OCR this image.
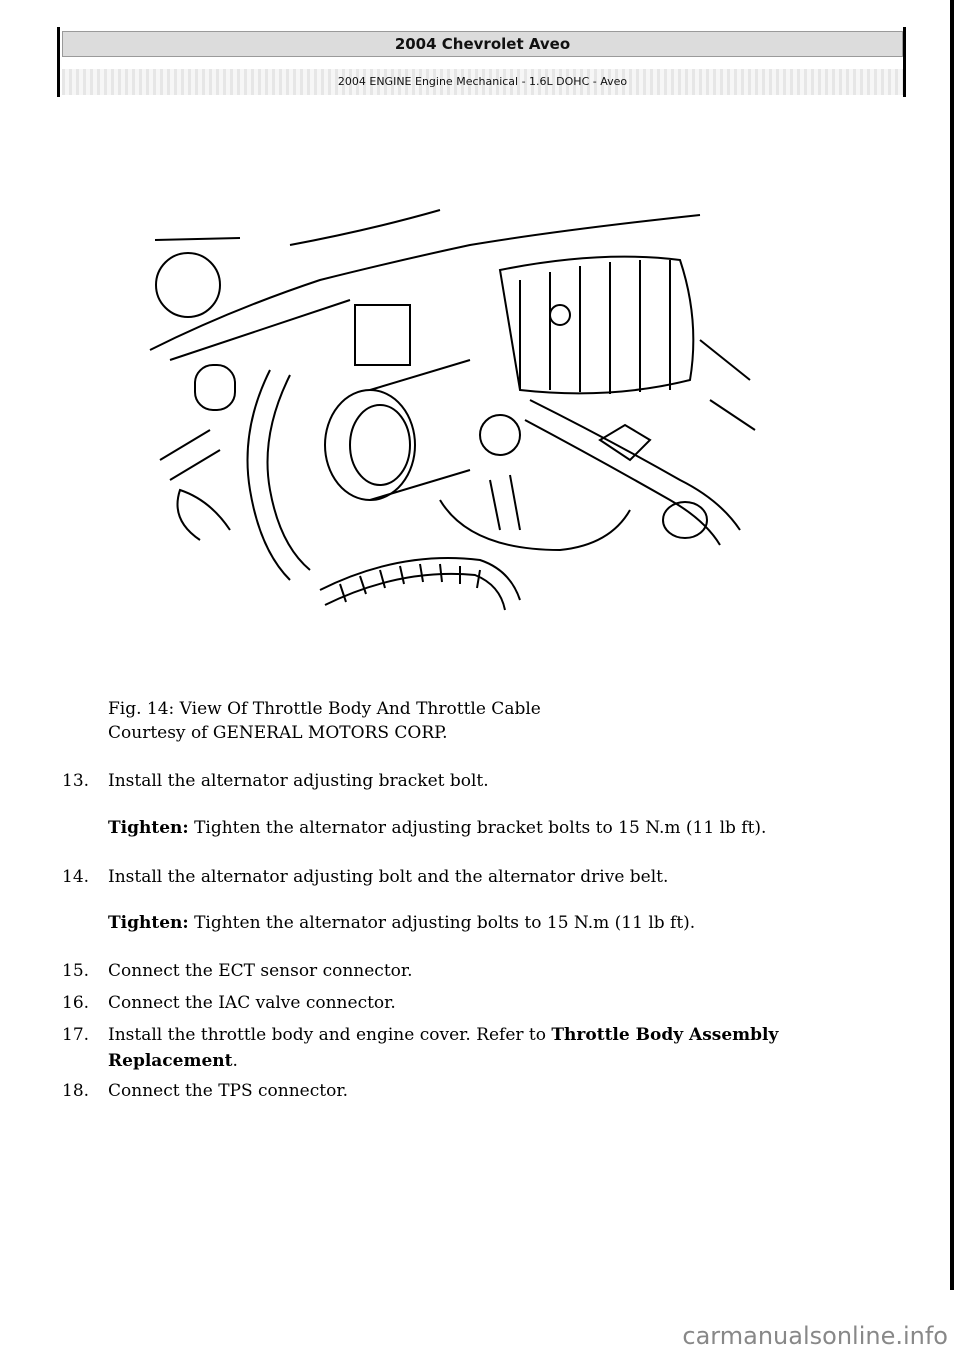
2004 Chevrolet Aveo
2004 ENGINE Engine Mechanical - 1.6L DOHC - Aveo
Fig. 14: View Of Throttle Body And Throttle Cable
Courtesy of GENERAL MOTORS CORP.
13.	Install the alternator adjusting bracket bolt.
Tighten: Tighten the alternator adjusting bracket bolts to 15 N.m (11 lb ft).
14.	Install the alternator adjusting bolt and the alternator drive belt.
Tighten: Tighten the alternator adjusting bolts to 15 N.m (11 lb ft).
15.	Connect the ECT sensor connector.
16.	Connect the IAC valve connector.
17.	Install the throttle body and engine cover. Refer to Throttle Body Assembly
Replacement.
18.	Connect the TPS connector.
carmanualsonline.info
